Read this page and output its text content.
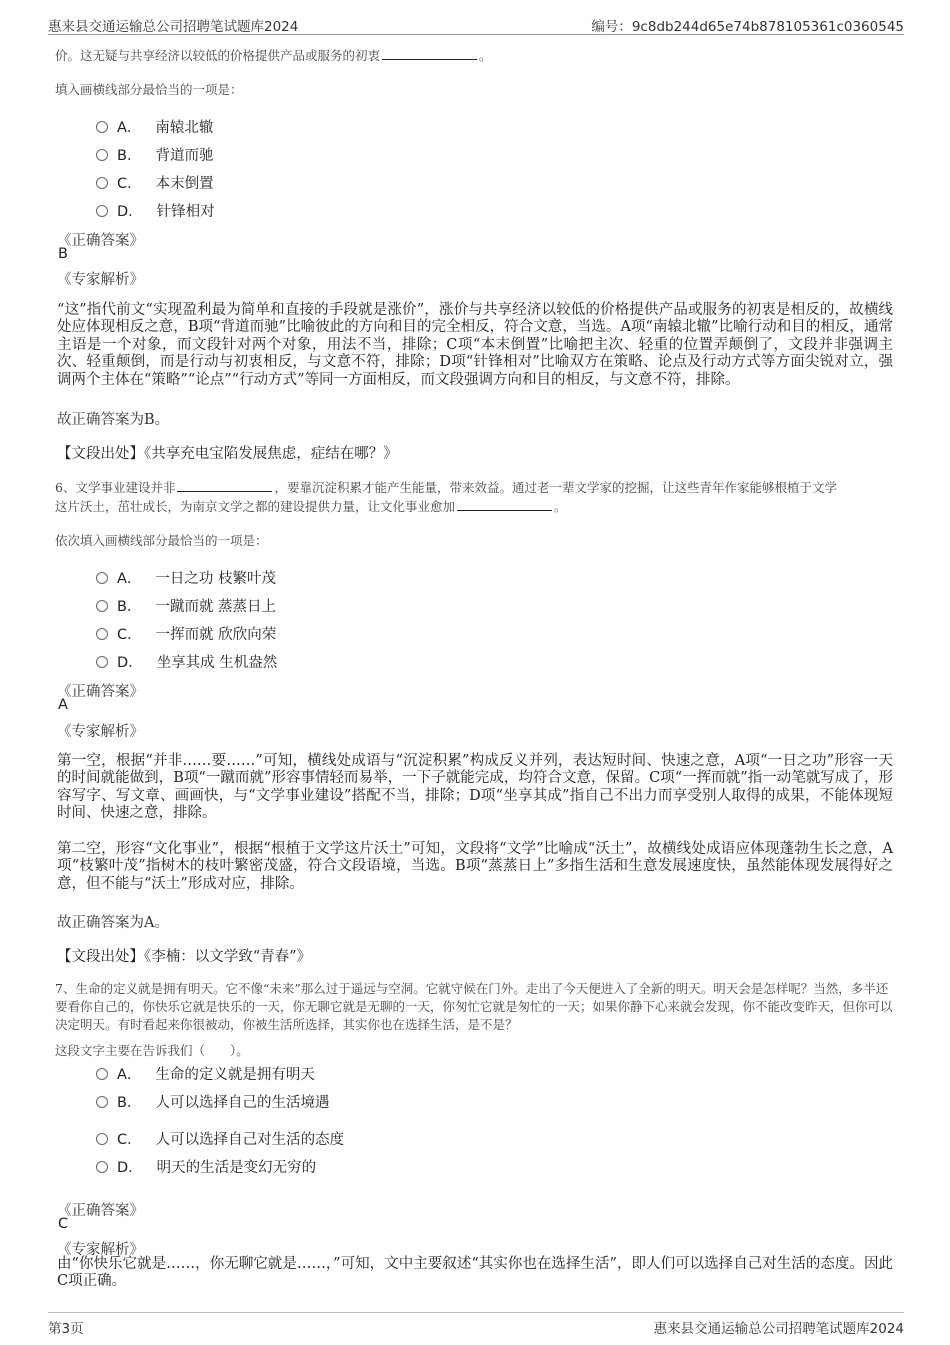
惠来县交通运输总公司招聘笔试题库2024	编号：9c8db244d65e74b878105361c0360545
价。这无疑与共享经济以较低的价格提供产品或服务的初衷	。
填入画横线部分最恰当的一项是：
A． 南辕北辙
B． 背道而驰
C． 本末倒置
D． 针锋相对
《正确答案》
B
《专家解析》
“这”指代前文“实现盈利最为简单和直接的手段就是涨价”，涨价与共享经济以较低的价格提供产品或服务的初衷是相反的，故横线处应体现相反之意，B项“背道而驰”比喻彼此的方向和目的完全相反，符合文意，当选。A项“南辕北辙”比喻行动和目的相反，通常主语是一个对象，而文段针对两个对象，用法不当，排除；C项“本末倒置”比喻把主次、轻重的位置弄颠倒了，文段并非强调主次、轻重颠倒，而是行动与初衷相反，与文意不符，排除；D项“针锋相对”比喻双方在策略、论点及行动方式等方面尖锐对立，强调两个主体在“策略”“论点”“行动方式”等同一方面相反，而文段强调方向和目的相反，与文意不符，排除。
故正确答案为B。
【文段出处】《共享充电宝陷发展焦虑，症结在哪？》
6、文学事业建设并非	，要靠沉淀积累才能产生能量，带来效益。通过老一辈文学家的挖掘，让这些青年作家能够根植于文学
这片沃土，茁壮成长，为南京文学之都的建设提供力量，让文化事业愈加	。
依次填入画横线部分最恰当的一项是：
A． 一日之功 枝繁叶茂
B． 一蹴而就 蒸蒸日上
C． 一挥而就 欣欣向荣
D． 坐享其成 生机盎然
《正确答案》
A
《专家解析》
第一空，根据“并非……要……”可知，横线处成语与“沉淀积累”构成反义并列，表达短时间、快速之意，A项“一日之功”形容一天的时间就能做到，B项“一蹴而就”形容事情轻而易举，一下子就能完成，均符合文意，保留。C项“一挥而就”指一动笔就写成了，形容写字、写文章、画画快，与“文学事业建设”搭配不当，排除；D项“坐享其成”指自己不出力而享受别人取得的成果，不能体现短时间、快速之意，排除。
第二空，形容“文化事业”，根据“根植于文学这片沃土”可知，文段将“文学”比喻成“沃土”，故横线处成语应体现蓬勃生长之意，A项“枝繁叶茂”指树木的枝叶繁密茂盛，符合文段语境，当选。B项“蒸蒸日上”多指生活和生意发展速度快，虽然能体现发展得好之意，但不能与“沃土”形成对应，排除。
故正确答案为A。
【文段出处】《李楠：以文学致“青春”》
7、生命的定义就是拥有明天。它不像“未来”那么过于遥远与空洞。它就守候在门外。走出了今天便进入了全新的明天。明天会是怎样呢？当然，多半还要看你自己的，你快乐它就是快乐的一天，你无聊它就是无聊的一天，你匆忙它就是匆忙的一天；如果你静下心来就会发现，你不能改变昨天，但你可以决定明天。有时看起来你很被动，你被生活所选择，其实你也在选择生活，是不是？
这段文字主要在告诉我们（　　）。
A． 生命的定义就是拥有明天
B． 人可以选择自己的生活境遇
C． 人可以选择自己对生活的态度
D． 明天的生活是变幻无穷的
《正确答案》
C
《专家解析》
由“你快乐它就是……，你无聊它就是……，”可知，文中主要叙述“其实你也在选择生活”，即人们可以选择自己对生活的态度。因此C项正确。
第3页	惠来县交通运输总公司招聘笔试题库2024
